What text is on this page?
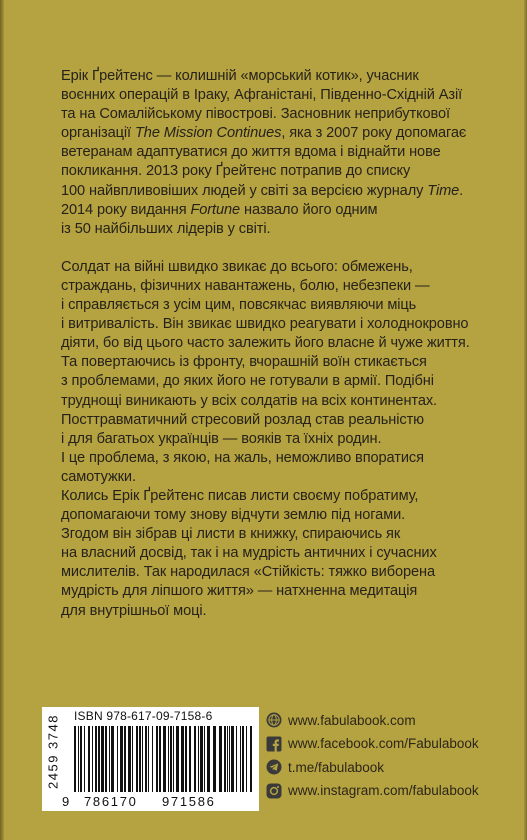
Ерік Ґрейтенс — колишній «морський котик», учасник
воєнних операцій в Іраку, Афганістані, Південно-Східній Азії
та на Сомалійському півострові. Засновник неприбуткової
організації The Mission Continues, яка з 2007 року допомагає
ветеранам адаптуватися до життя вдома і віднайти нове
покликання. 2013 року Ґрейтенс потрапив до списку
100 найвпливовіших людей у світі за версією журналу Time.
2014 року видання Fortune назвало його одним
із 50 найбільших лідерів у світі.

Солдат на війні швидко звикає до всього: обмежень,
страждань, фізичних навантажень, болю, небезпеки —
і справляється з усім цим, повсякчас виявляючи міць
і витривалість. Він звикає швидко реагувати і холоднокровно
діяти, бо від цього часто залежить його власне й чуже життя.
Та повертаючись із фронту, вчорашній воїн стикається
з проблемами, до яких його не готували в армії. Подібні
труднощі виникають у всіх солдатів на всіх континентах.
Посттравматичний стресовий розлад став реальністю
і для багатьох українців — вояків та їхніх родин.
І це проблема, з якою, на жаль, неможливо впоратися
самотужки.
Колись Ерік Ґрейтенс писав листи своєму побратиму,
допомагаючи тому знову відчути землю під ногами.
Згодом він зібрав ці листи в книжку, спираючись як
на власний досвід, так і на мудрість античних і сучасних
мислителів. Так народилася «Стійкість: тяжко виборена
мудрість для ліпшого життя» — натхненна медитація
для внутрішньої моці.

ISBN 978-617-09-7158-6
2459 3748
9 786170 971586
www.fabulabook.com
www.facebook.com/Fabulabook
t.me/fabulabook
www.instagram.com/fabulabook
